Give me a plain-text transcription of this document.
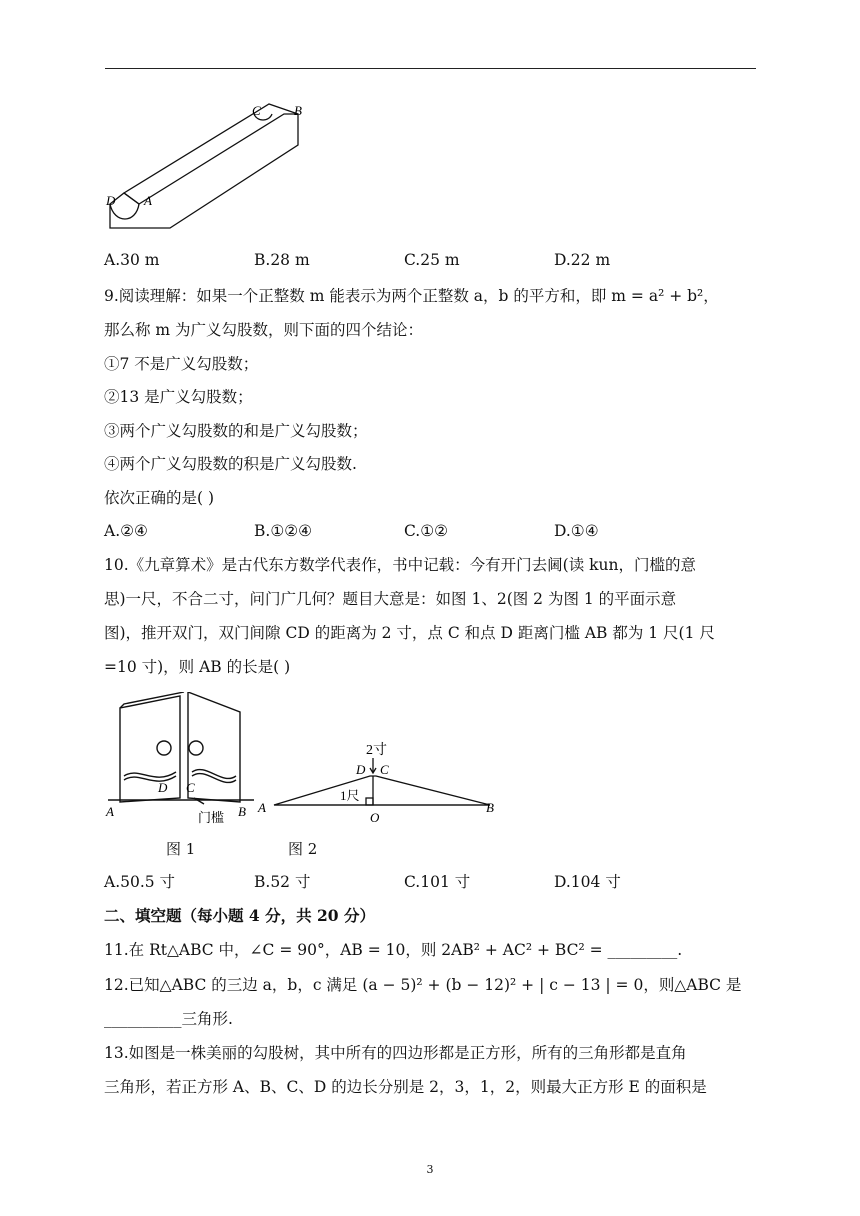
C	B
D A
A.30 m	B.28 m	C.25 m	D.22 m
9.阅读理解：如果一个正整数 m 能表示为两个正整数 a，b 的平方和，即 m = a² + b²，
那么称 m 为广义勾股数，则下面的四个结论：
①7 不是广义勾股数；
②13 是广义勾股数；
③两个广义勾股数的和是广义勾股数；
④两个广义勾股数的积是广义勾股数.
依次正确的是( )
A.②④	B.①②④	C.①②	D.①④
10.《九章算术》是古代东方数学代表作，书中记载：今有开门去阃(读 kun，门槛的意
思)一尺，不合二寸，问门广几何？题目大意是：如图 1、2(图 2 为图 1 的平面示意
图)，推开双门，双门间隙 CD 的距离为 2 寸，点 C 和点 D 距离门槛 AB 都为 1 尺(1 尺
=10 寸)，则 AB 的长是( )
A	B
D C
门槛
2寸
D C
1尺
A	B
O
图 1	图 2
A.50.5 寸	B.52 寸	C.101 寸	D.104 寸
二、填空题（每小题 4 分，共 20 分）
11.在 Rt△ABC 中，∠C = 90°，AB = 10，则 2AB² + AC² + BC² = _________.
12.已知△ABC 的三边 a，b，c 满足 (a − 5)² + (b − 12)² + | c − 13 | = 0，则△ABC 是
__________三角形.
13.如图是一株美丽的勾股树，其中所有的四边形都是正方形，所有的三角形都是直角
三角形，若正方形 A、B、C、D 的边长分别是 2，3，1，2，则最大正方形 E 的面积是
3
